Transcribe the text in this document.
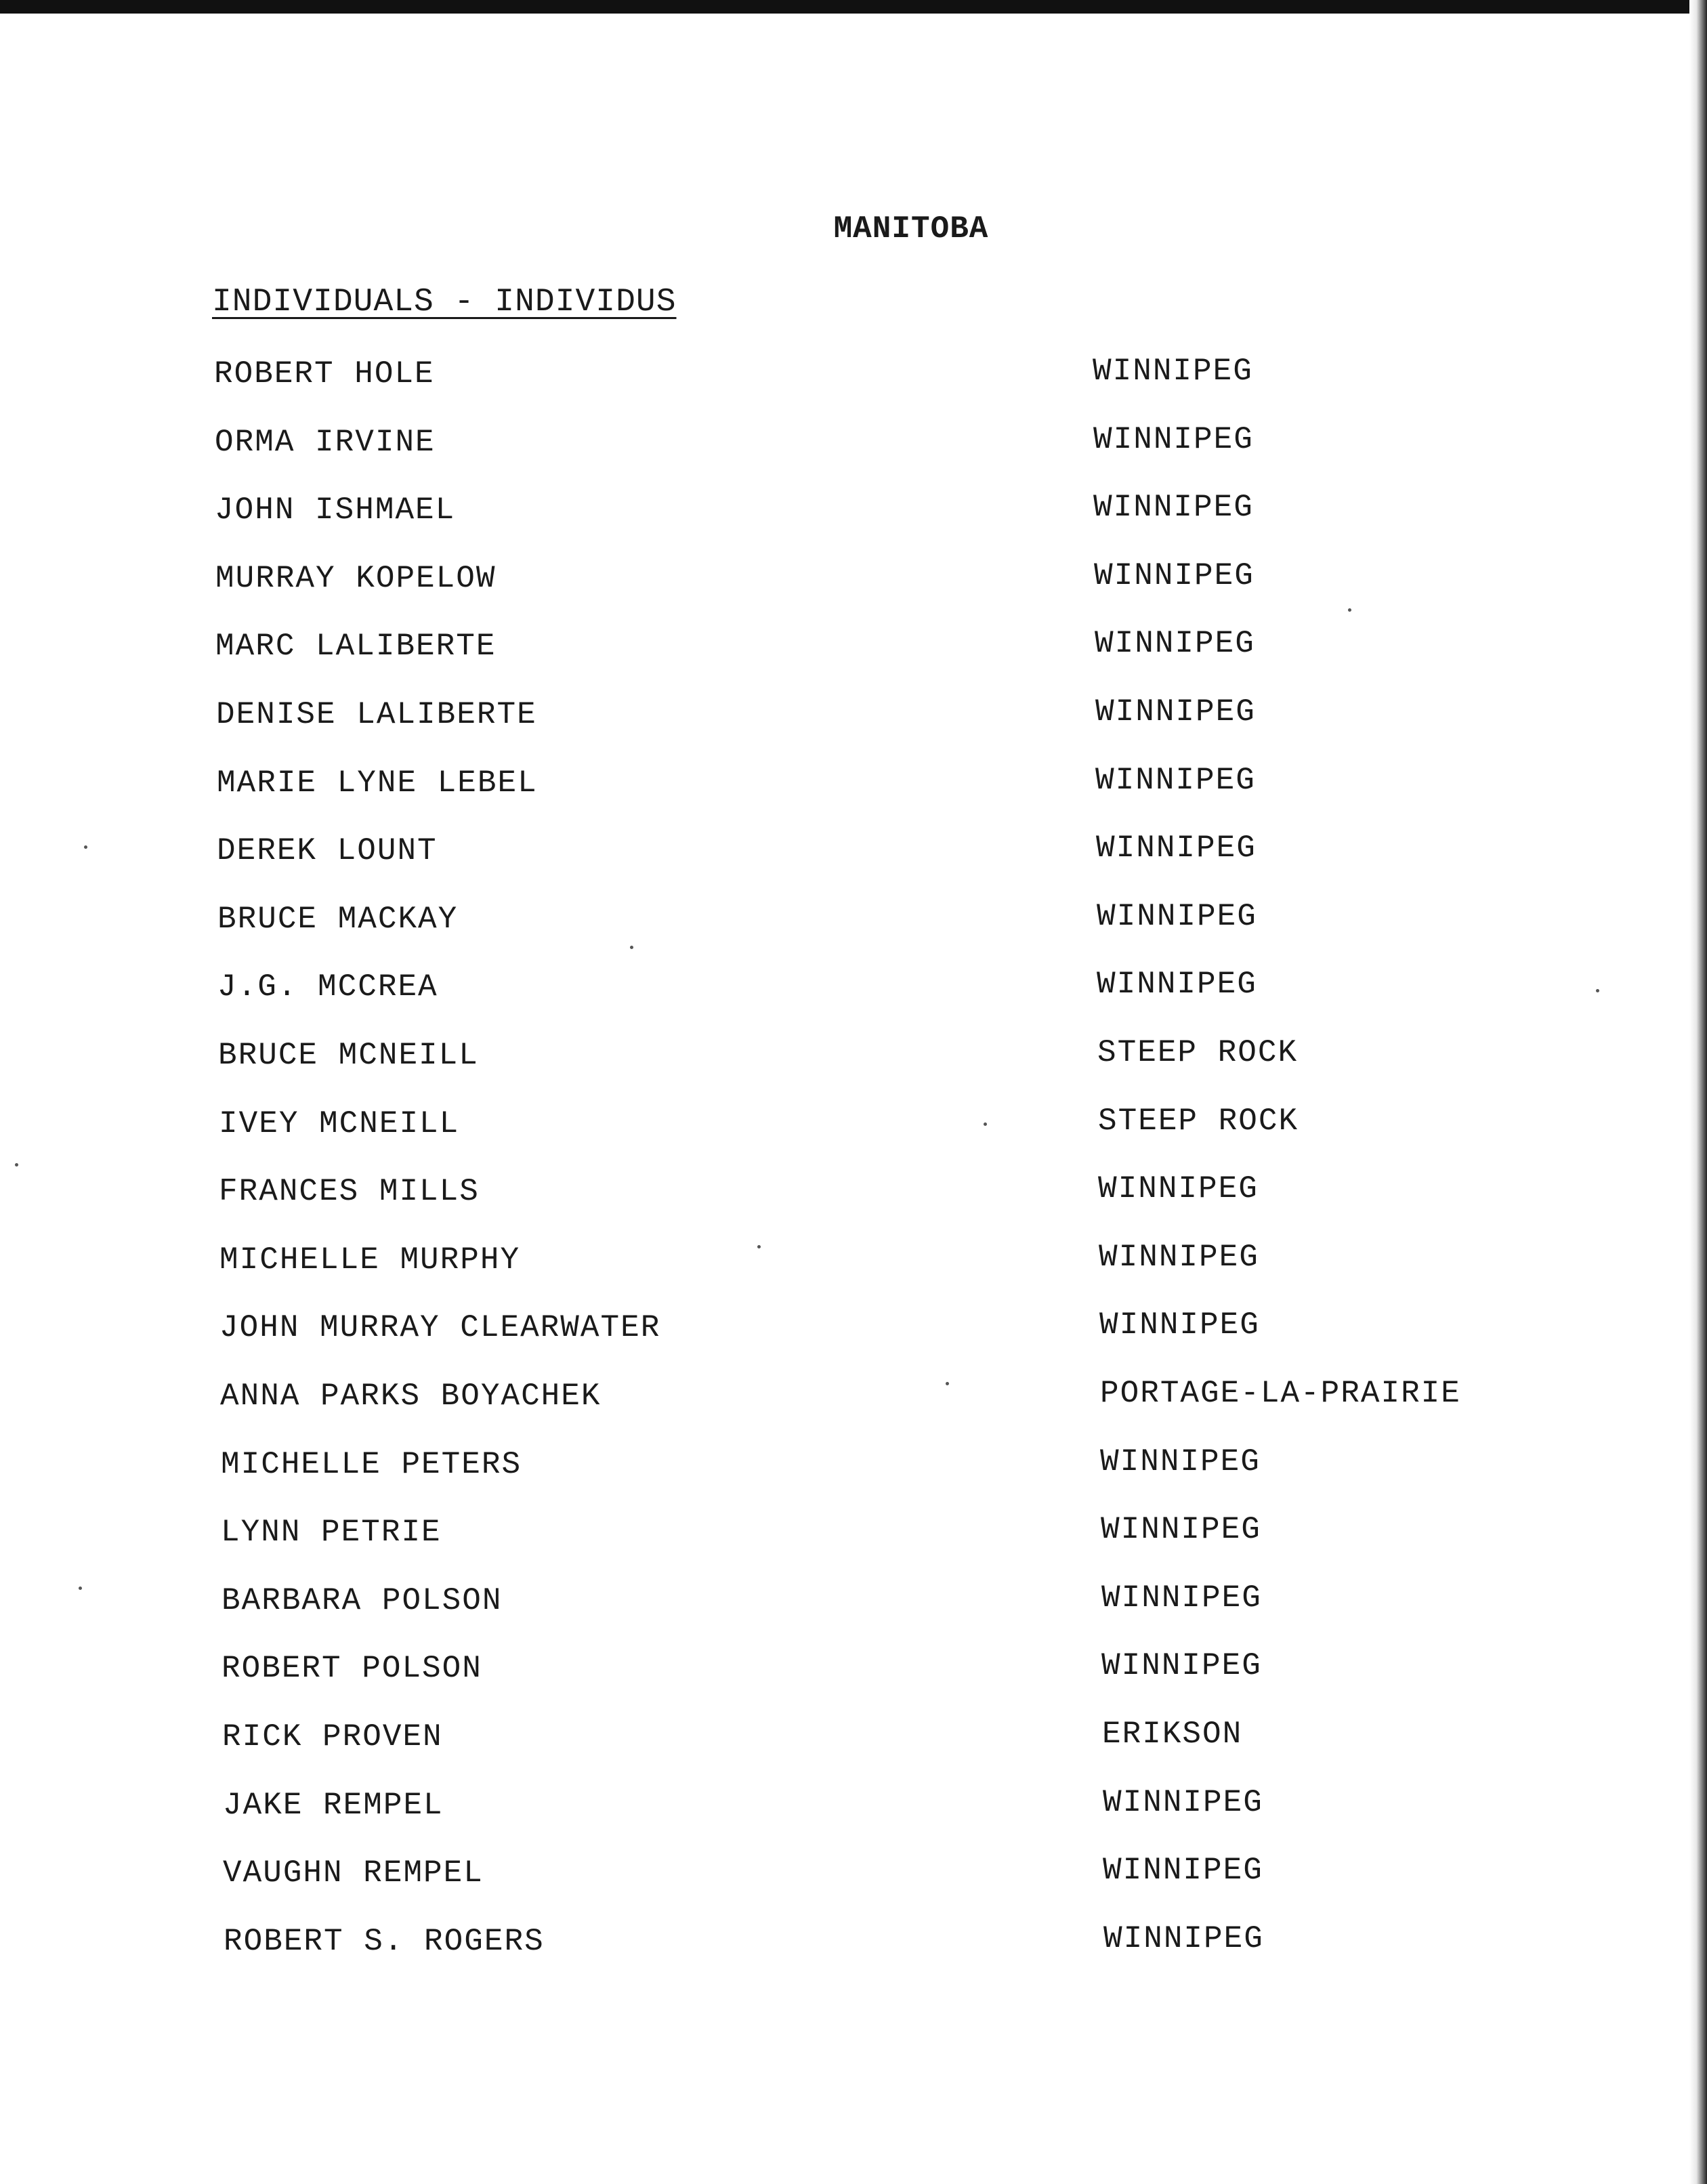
MANITOBA
INDIVIDUALS - INDIVIDUS
ROBERT HOLE	WINNIPEG
ORMA IRVINE	WINNIPEG
JOHN ISHMAEL	WINNIPEG
MURRAY KOPELOW	WINNIPEG
MARC LALIBERTE	WINNIPEG
DENISE LALIBERTE	WINNIPEG
MARIE LYNE LEBEL	WINNIPEG
DEREK LOUNT	WINNIPEG
BRUCE MACKAY	WINNIPEG
J.G. MCCREA	WINNIPEG
BRUCE MCNEILL	STEEP ROCK
IVEY MCNEILL	STEEP ROCK
FRANCES MILLS	WINNIPEG
MICHELLE MURPHY	WINNIPEG
JOHN MURRAY CLEARWATER	WINNIPEG
ANNA PARKS BOYACHEK	PORTAGE-LA-PRAIRIE
MICHELLE PETERS	WINNIPEG
LYNN PETRIE	WINNIPEG
BARBARA POLSON	WINNIPEG
ROBERT POLSON	WINNIPEG
RICK PROVEN	ERIKSON
JAKE REMPEL	WINNIPEG
VAUGHN REMPEL	WINNIPEG
ROBERT S. ROGERS	WINNIPEG
